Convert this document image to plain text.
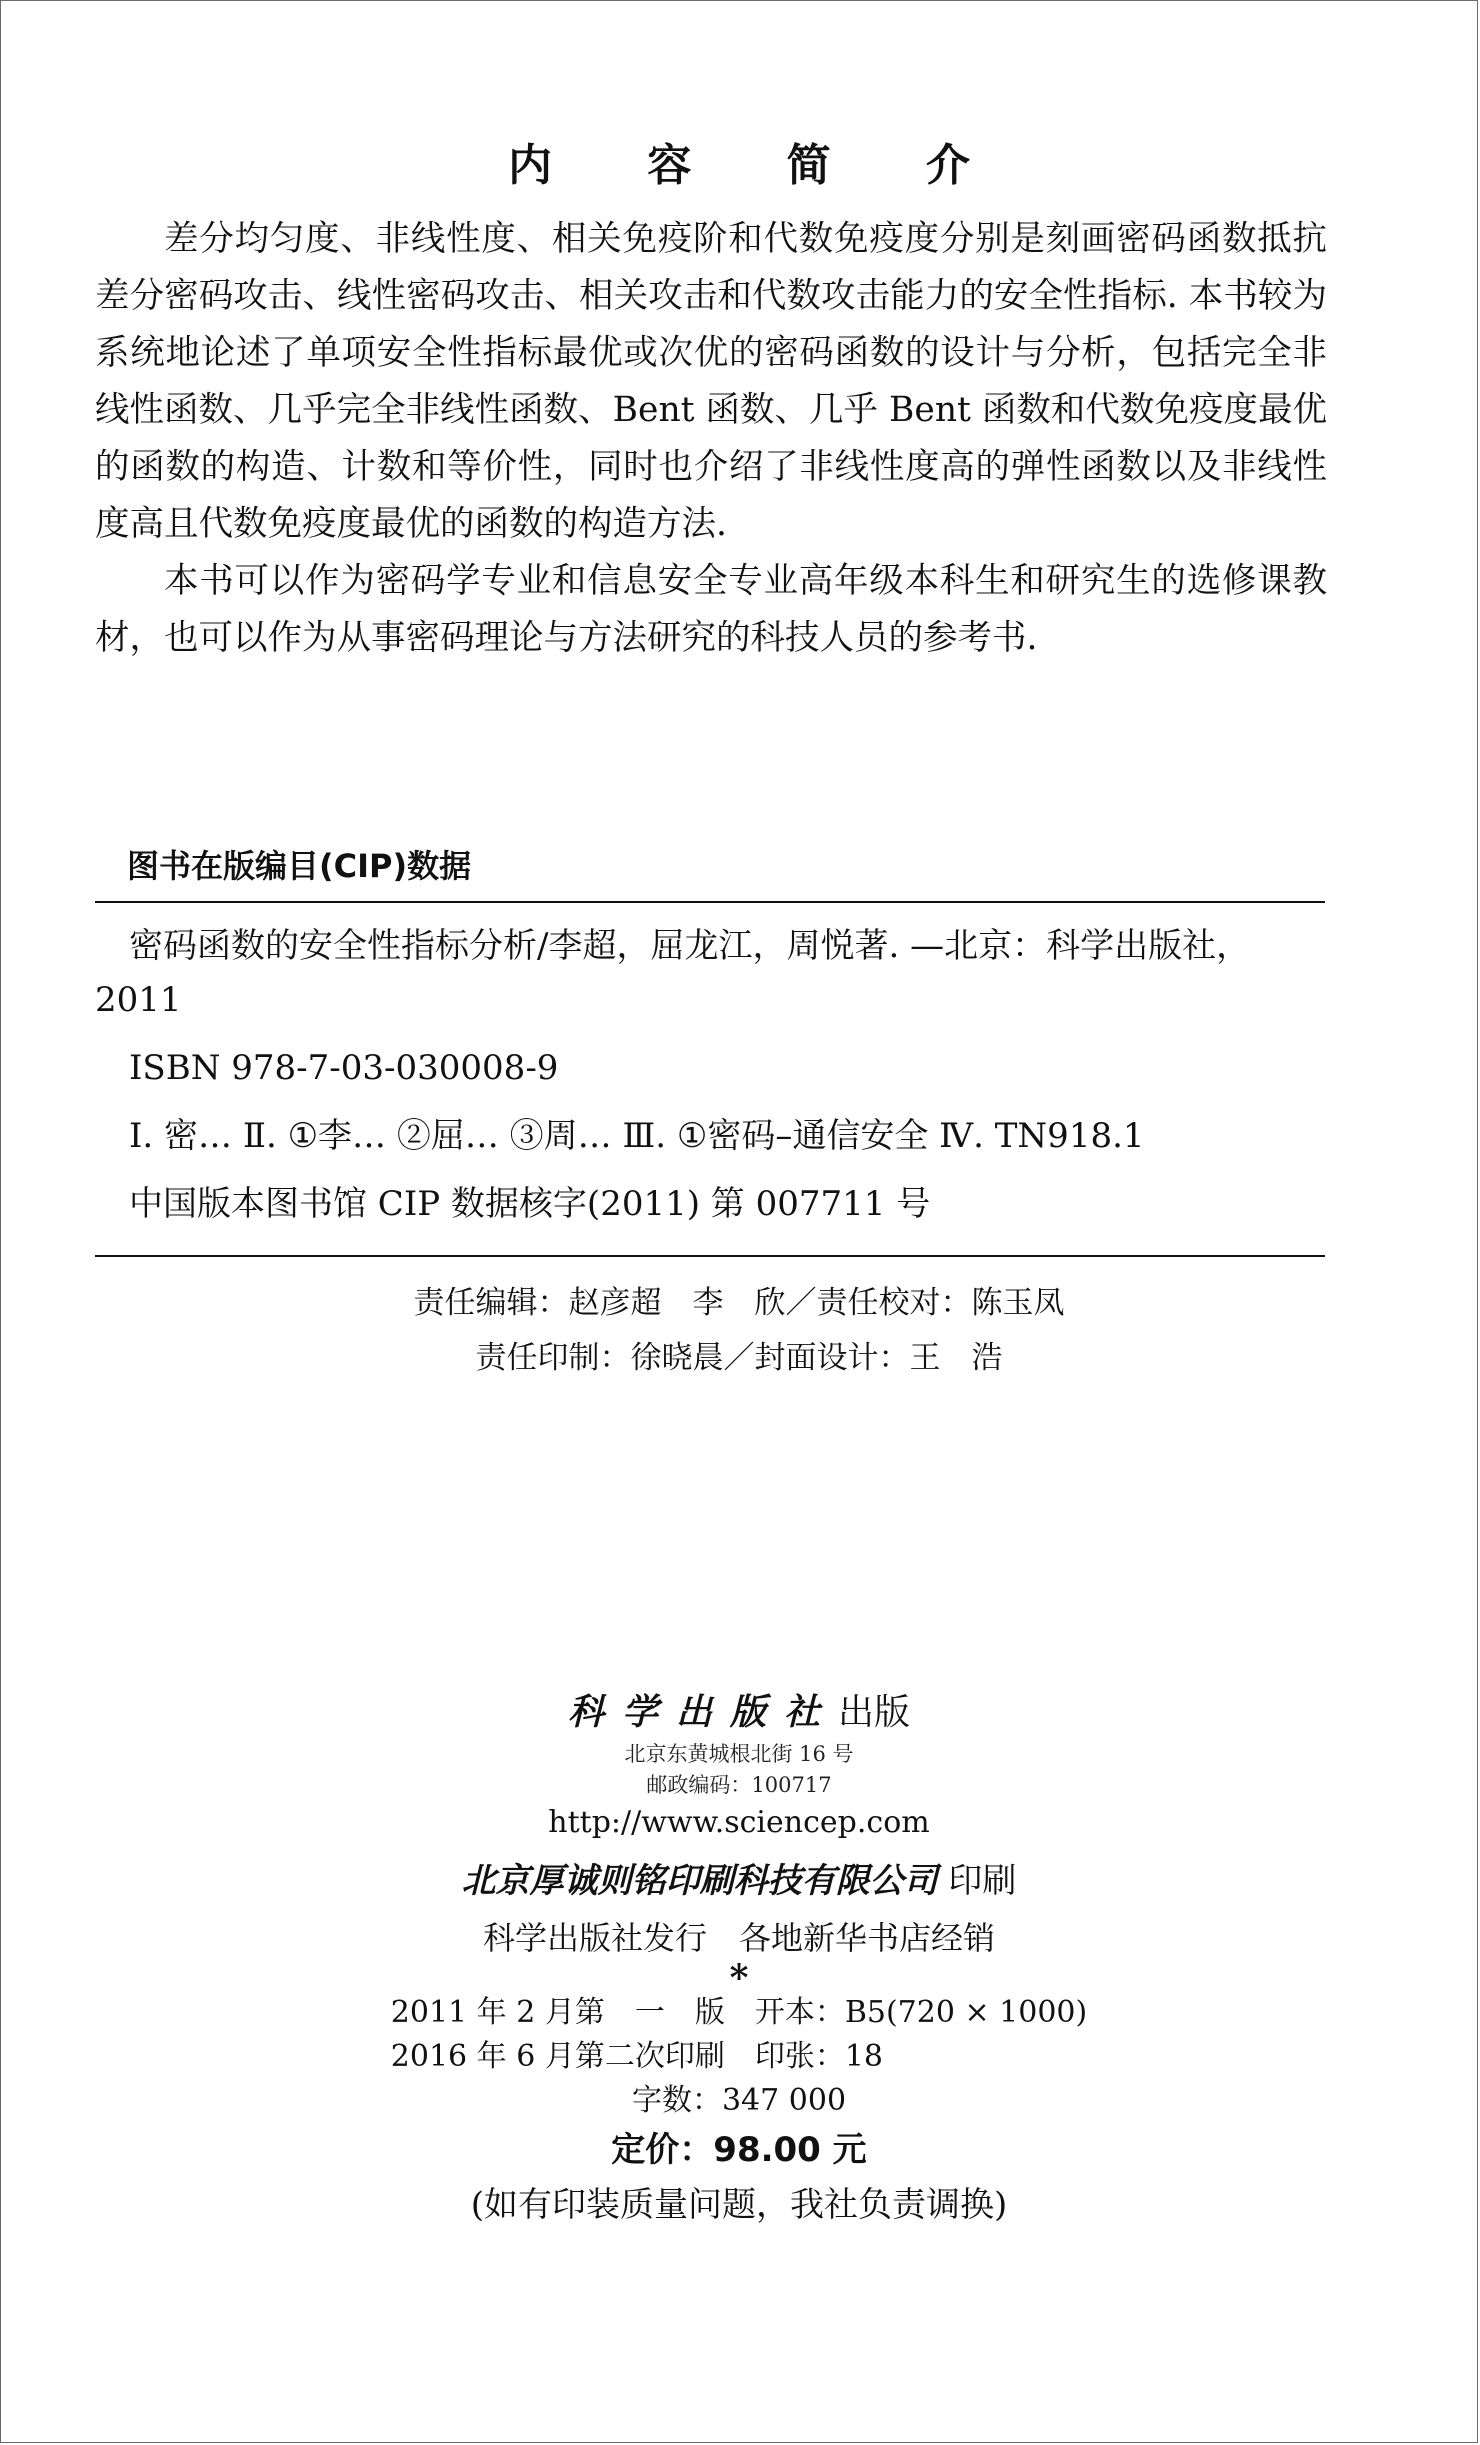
内 容 简 介

差分均匀度、非线性度、相关免疫阶和代数免疫度分别是刻画密码函数抵抗差分密码攻击、线性密码攻击、相关攻击和代数攻击能力的安全性指标. 本书较为系统地论述了单项安全性指标最优或次优的密码函数的设计与分析，包括完全非线性函数、几乎完全非线性函数、Bent 函数、几乎 Bent 函数和代数免疫度最优的函数的构造、计数和等价性，同时也介绍了非线性度高的弹性函数以及非线性度高且代数免疫度最优的函数的构造方法.

本书可以作为密码学专业和信息安全专业高年级本科生和研究生的选修课教材，也可以作为从事密码理论与方法研究的科技人员的参考书.

图书在版编目(CIP)数据

密码函数的安全性指标分析/李超，屈龙江，周悦著. —北京：科学出版社，2011

ISBN 978-7-03-030008-9

Ⅰ. 密… Ⅱ. ①李… ②屈… ③周… Ⅲ. ①密码–通信安全 Ⅳ. TN918.1

中国版本图书馆 CIP 数据核字(2011) 第 007711 号

责任编辑：赵彦超　李　欣／责任校对：陈玉凤

责任印制：徐晓晨／封面设计：王　浩

科学出版社出版

北京东黄城根北街 16 号

邮政编码：100717

http://www.sciencep.com

北京厚诚则铭印刷科技有限公司 印刷

科学出版社发行　各地新华书店经销

*

2011 年 2 月第　一　版　开本：B5(720 × 1000)

2016 年 6 月第二次印刷　印张：18

字数：347 000

定价：98.00 元

(如有印装质量问题，我社负责调换)
